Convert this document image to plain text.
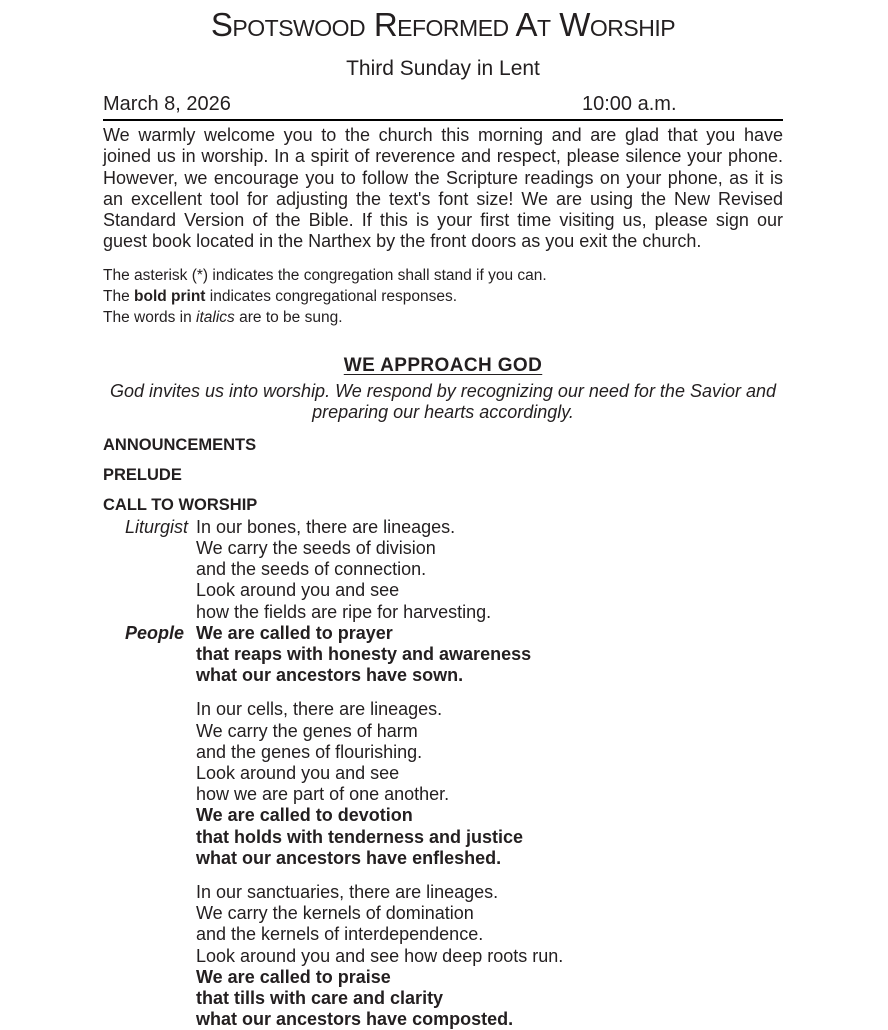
Spotswood Reformed At Worship
Third Sunday in Lent
March 8, 2026	10:00 a.m.
We warmly welcome you to the church this morning and are glad that you have joined us in worship. In a spirit of reverence and respect, please silence your phone. However, we encourage you to follow the Scripture readings on your phone, as it is an excellent tool for adjusting the text's font size! We are using the New Revised Standard Version of the Bible. If this is your first time visiting us, please sign our guest book located in the Narthex by the front doors as you exit the church.
The asterisk (*) indicates the congregation shall stand if you can.
The bold print indicates congregational responses.
The words in italics are to be sung.
WE APPROACH GOD
God invites us into worship. We respond by recognizing our need for the Savior and preparing our hearts accordingly.
ANNOUNCEMENTS
PRELUDE
CALL TO WORSHIP
Liturgist In our bones, there are lineages.
We carry the seeds of division
and the seeds of connection.
Look around you and see
how the fields are ripe for harvesting.
People We are called to prayer
that reaps with honesty and awareness
what our ancestors have sown.
In our cells, there are lineages.
We carry the genes of harm
and the genes of flourishing.
Look around you and see
how we are part of one another.
We are called to devotion
that holds with tenderness and justice
what our ancestors have enfleshed.
In our sanctuaries, there are lineages.
We carry the kernels of domination
and the kernels of interdependence.
Look around you and see how deep roots run.
We are called to praise
that tills with care and clarity
what our ancestors have composted.
